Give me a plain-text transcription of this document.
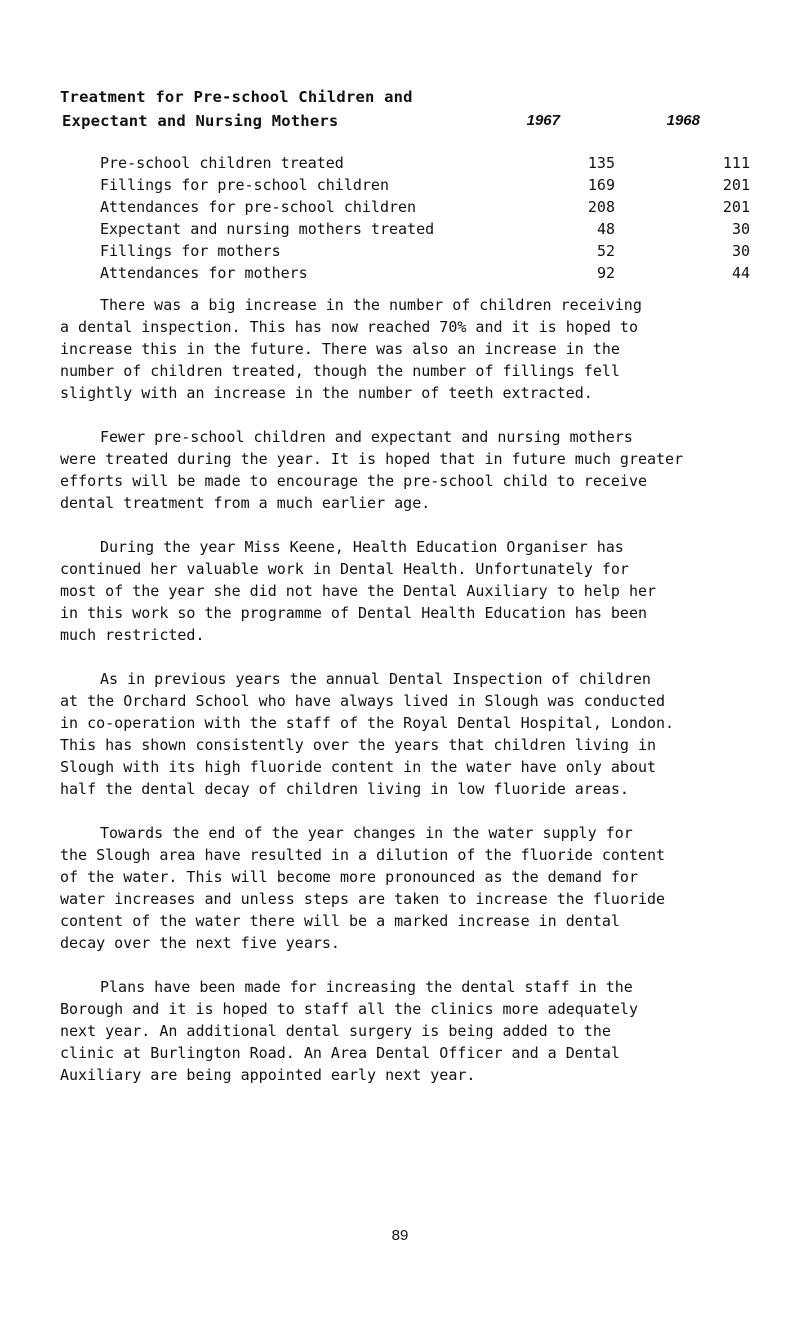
Treatment for Pre-school Children and
Expectant and Nursing Mothers	1967	1968
Pre-school children treated	135	111
Fillings for pre-school children	169	201
Attendances for pre-school children	208	201
Expectant and nursing mothers treated	48	30
Fillings for mothers	52	30
Attendances for mothers	92	44
There was a big increase in the number of children receiving
a dental inspection. This has now reached 70% and it is hoped to
increase this in the future. There was also an increase in the
number of children treated, though the number of fillings fell
slightly with an increase in the number of teeth extracted.
Fewer pre-school children and expectant and nursing mothers
were treated during the year. It is hoped that in future much greater
efforts will be made to encourage the pre-school child to receive
dental treatment from a much earlier age.
During the year Miss Keene, Health Education Organiser has
continued her valuable work in Dental Health. Unfortunately for
most of the year she did not have the Dental Auxiliary to help her
in this work so the programme of Dental Health Education has been
much restricted.
As in previous years the annual Dental Inspection of children
at the Orchard School who have always lived in Slough was conducted
in co-operation with the staff of the Royal Dental Hospital, London.
This has shown consistently over the years that children living in
Slough with its high fluoride content in the water have only about
half the dental decay of children living in low fluoride areas.
Towards the end of the year changes in the water supply for
the Slough area have resulted in a dilution of the fluoride content
of the water. This will become more pronounced as the demand for
water increases and unless steps are taken to increase the fluoride
content of the water there will be a marked increase in dental
decay over the next five years.
Plans have been made for increasing the dental staff in the
Borough and it is hoped to staff all the clinics more adequately
next year. An additional dental surgery is being added to the
clinic at Burlington Road. An Area Dental Officer and a Dental
Auxiliary are being appointed early next year.
89
